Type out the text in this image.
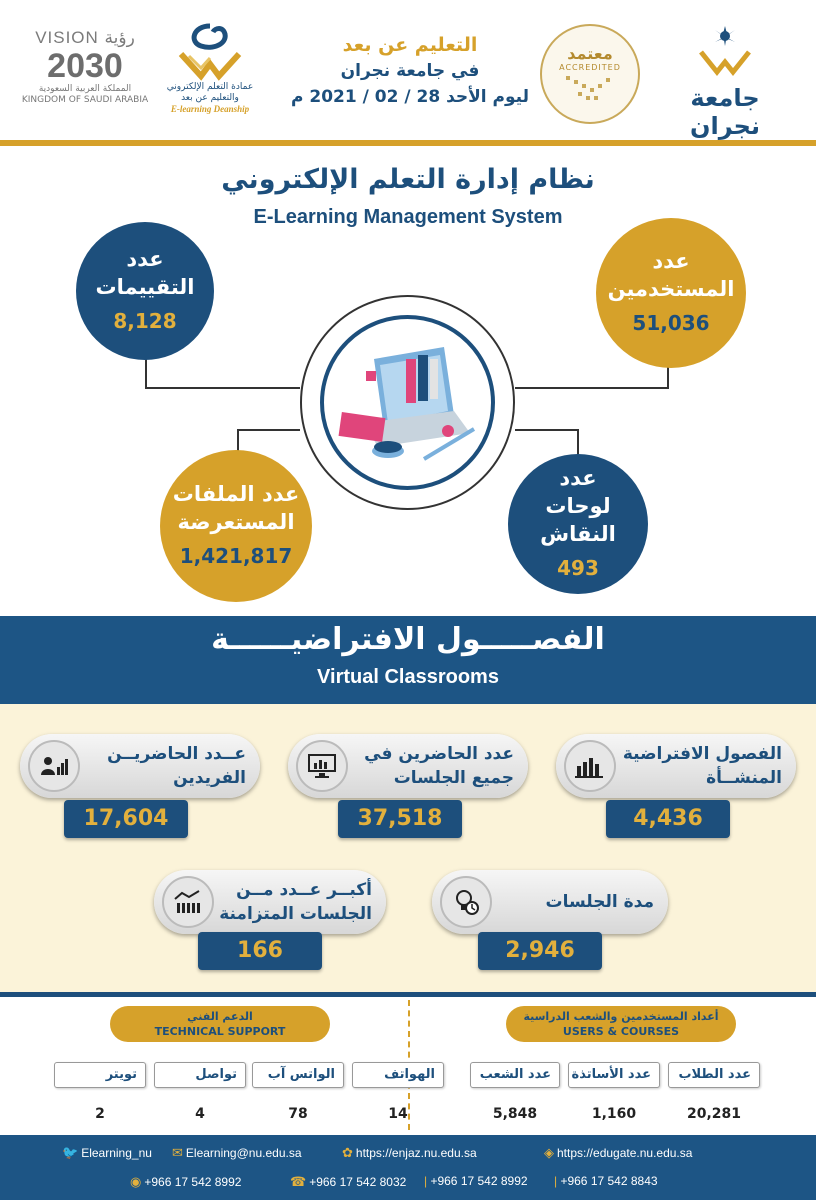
VISION رؤية
2030
المملكة العربية السعودية
KINGDOM OF SAUDI ARABIA
عمادة التعلم الإلكتروني
والتعليم عن بعد
E-learning Deanship
التعليم عن بعد
في جامعة نجران
ليوم الأحد 28 / 02 / 2021 م
معتمد
ACCREDITED
جامعة نجران
نظام إدارة التعلم الإلكتروني
E-Learning Management System
عدد
المستخدمين
51,036
عدد
التقييمات
8,128
عدد الملفات
المستعرضة
1,421,817
عدد
لوحات النقاش
493
الفصـــــول الافتراضيــــــة
Virtual Classrooms
الفصول الافتراضية
المنشــأة
4,436
عدد الحاضرين في
جميع الجلسات
37,518
عــدد الحاضريــن
الفريدين
17,604
مدة الجلسات
2,946
أكبــر عــدد مــن
الجلسات المتزامنة
166
أعداد المستخدمين والشعب الدراسية
USERS & COURSES
الدعم الفني
TECHNICAL SUPPORT
عدد الطلاب
20,281
عدد الأساتذة
1,160
عدد الشعب
5,848
الهواتف
14
الواتس آب
78
تواصل
4
تويتر
2
🐦 Elearning_nu ✉ Elearning@nu.edu.sa	✿ https://enjaz.nu.edu.sa	◈ https://edugate.nu.edu.sa
◉ +966 17 542 8992	☎ +966 17 542 8032 | +966 17 542 8992 | +966 17 542 8843
